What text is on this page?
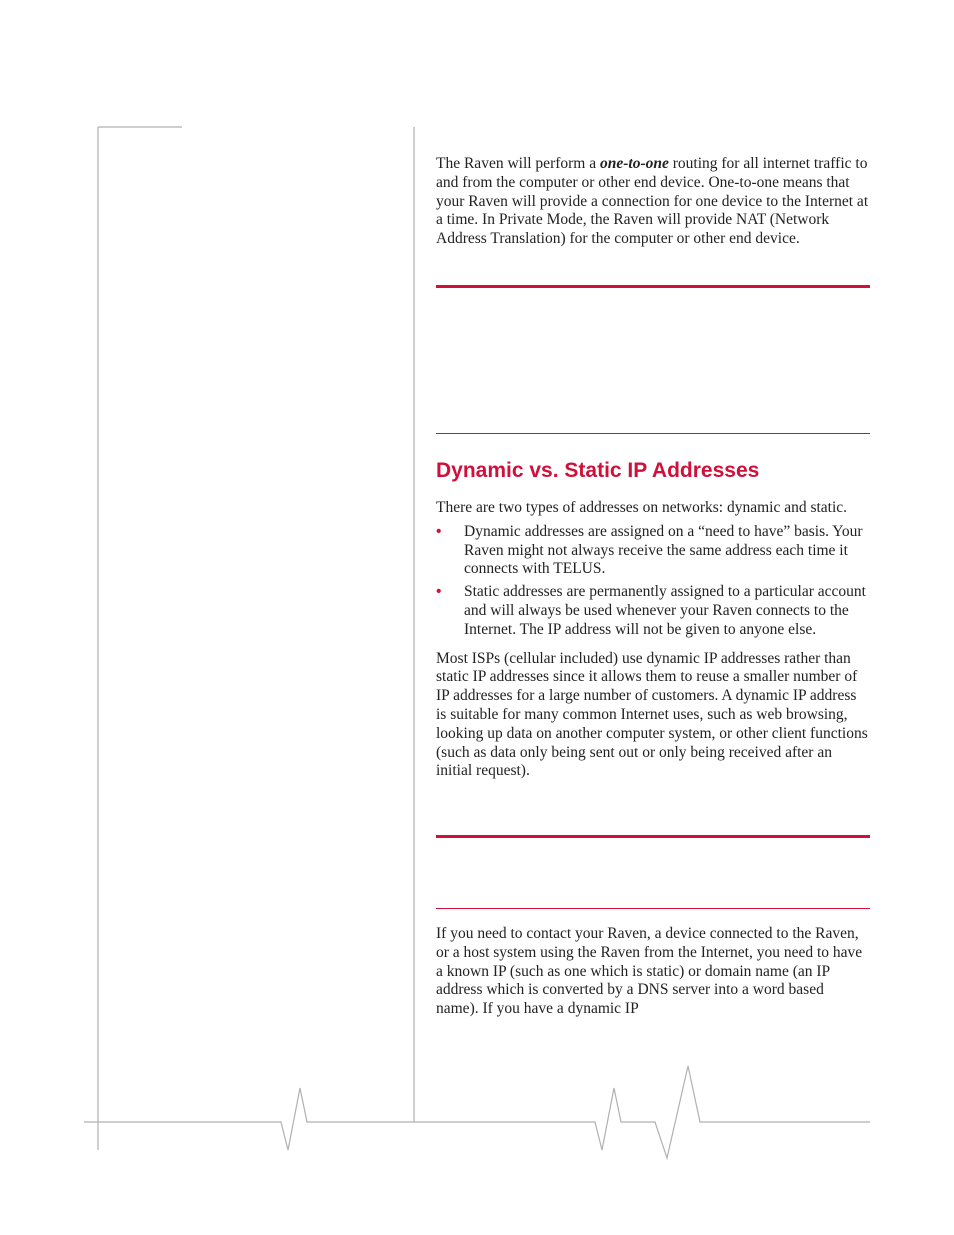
The Raven will perform a one-to-one routing for all internet traffic to and from the computer or other end device. One-to-one means that your Raven will provide a connection for one device to the Internet at a time. In Private Mode, the Raven will provide NAT (Network Address Translation) for the computer or other end device.

Dynamic vs. Static IP Addresses

There are two types of addresses on networks: dynamic and static.

• Dynamic addresses are assigned on a “need to have” basis. Your Raven might not always receive the same address each time it connects with TELUS.
• Static addresses are permanently assigned to a particular account and will always be used whenever your Raven connects to the Internet. The IP address will not be given to anyone else.

Most ISPs (cellular included) use dynamic IP addresses rather than static IP addresses since it allows them to reuse a smaller number of IP addresses for a large number of customers. A dynamic IP address is suitable for many common Internet uses, such as web browsing, looking up data on another computer system, or other client functions (such as data only being sent out or only being received after an initial request).

If you need to contact your Raven, a device connected to the Raven, or a host system using the Raven from the Internet, you need to have a known IP (such as one which is static) or domain name (an IP address which is converted by a DNS server into a word based name). If you have a dynamic IP
